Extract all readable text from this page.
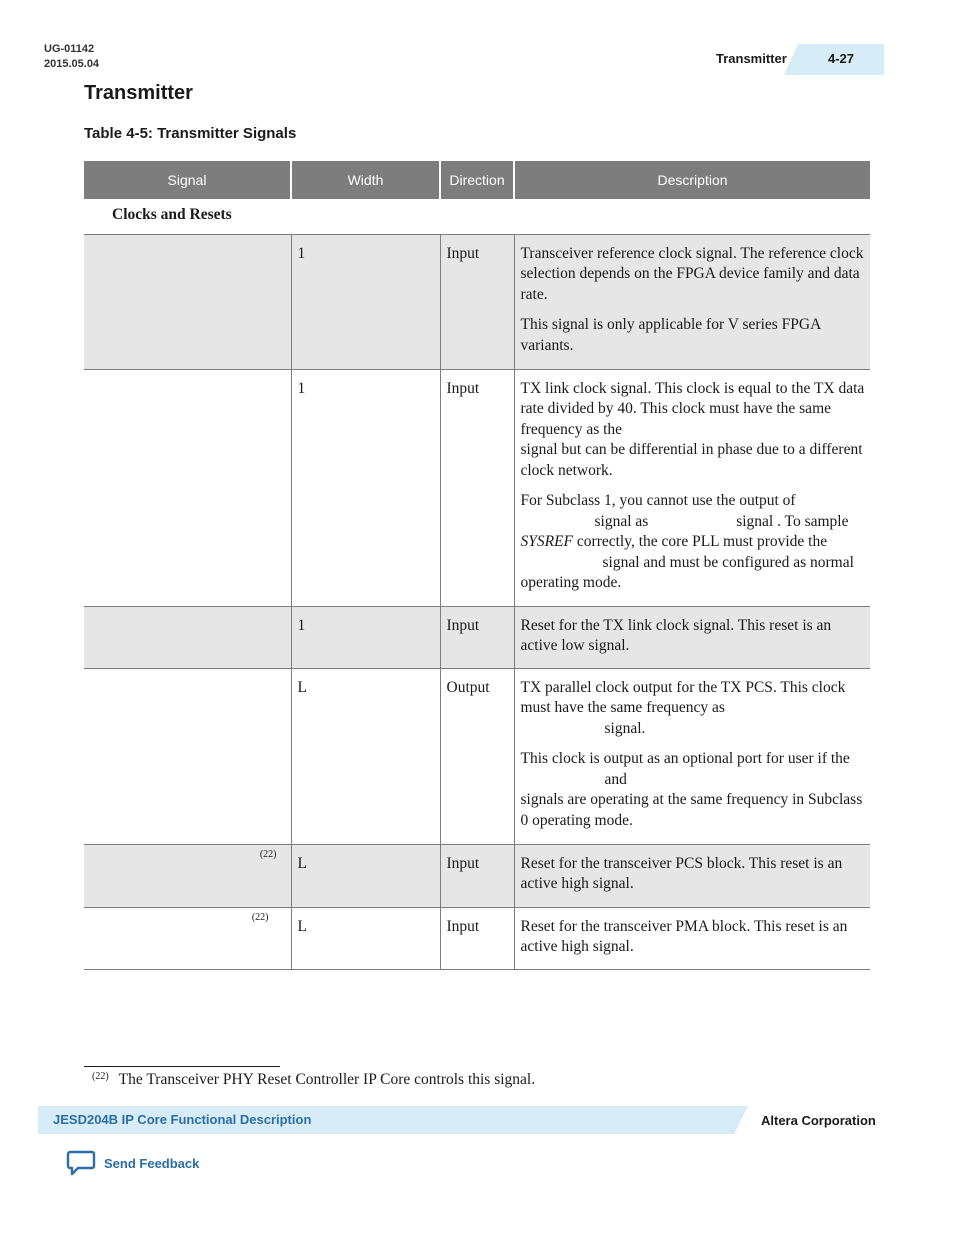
UG-01142
2015.05.04	Transmitter	4-27
Transmitter
Table 4-5: Transmitter Signals
Signal	Width	Direction	Description
Clocks and Resets			
	1	Input	Transceiver reference clock signal. The reference clock selection depends on the FPGA device family and data rate.

This signal is only applicable for V series FPGA variants.

	1	Input	TX link clock signal. This clock is equal to the TX data rate divided by 40. This clock must have the same frequency as the
signal but can be differential in phase due to a different clock network.

For Subclass 1, you cannot use the output of
signal as signal . To sample SYSREF correctly, the core PLL must provide the signal and must be configured as normal operating mode.

	1	Input	Reset for the TX link clock signal. This reset is an active low signal.

	L	Output	TX parallel clock output for the TX PCS. This clock must have the same frequency as
signal.

This clock is output as an optional port for user if the and
signals are operating at the same frequency in Subclass 0 operating mode.

(22)	L	Input	Reset for the transceiver PCS block. This reset is an active high signal.

(22)	L	Input	Reset for the transceiver PMA block. This reset is an active high signal.

$^{(22)}$ The Transceiver PHY Reset Controller IP Core controls this signal.
JESD204B IP Core Functional Description	Altera Corporation
Send Feedback
